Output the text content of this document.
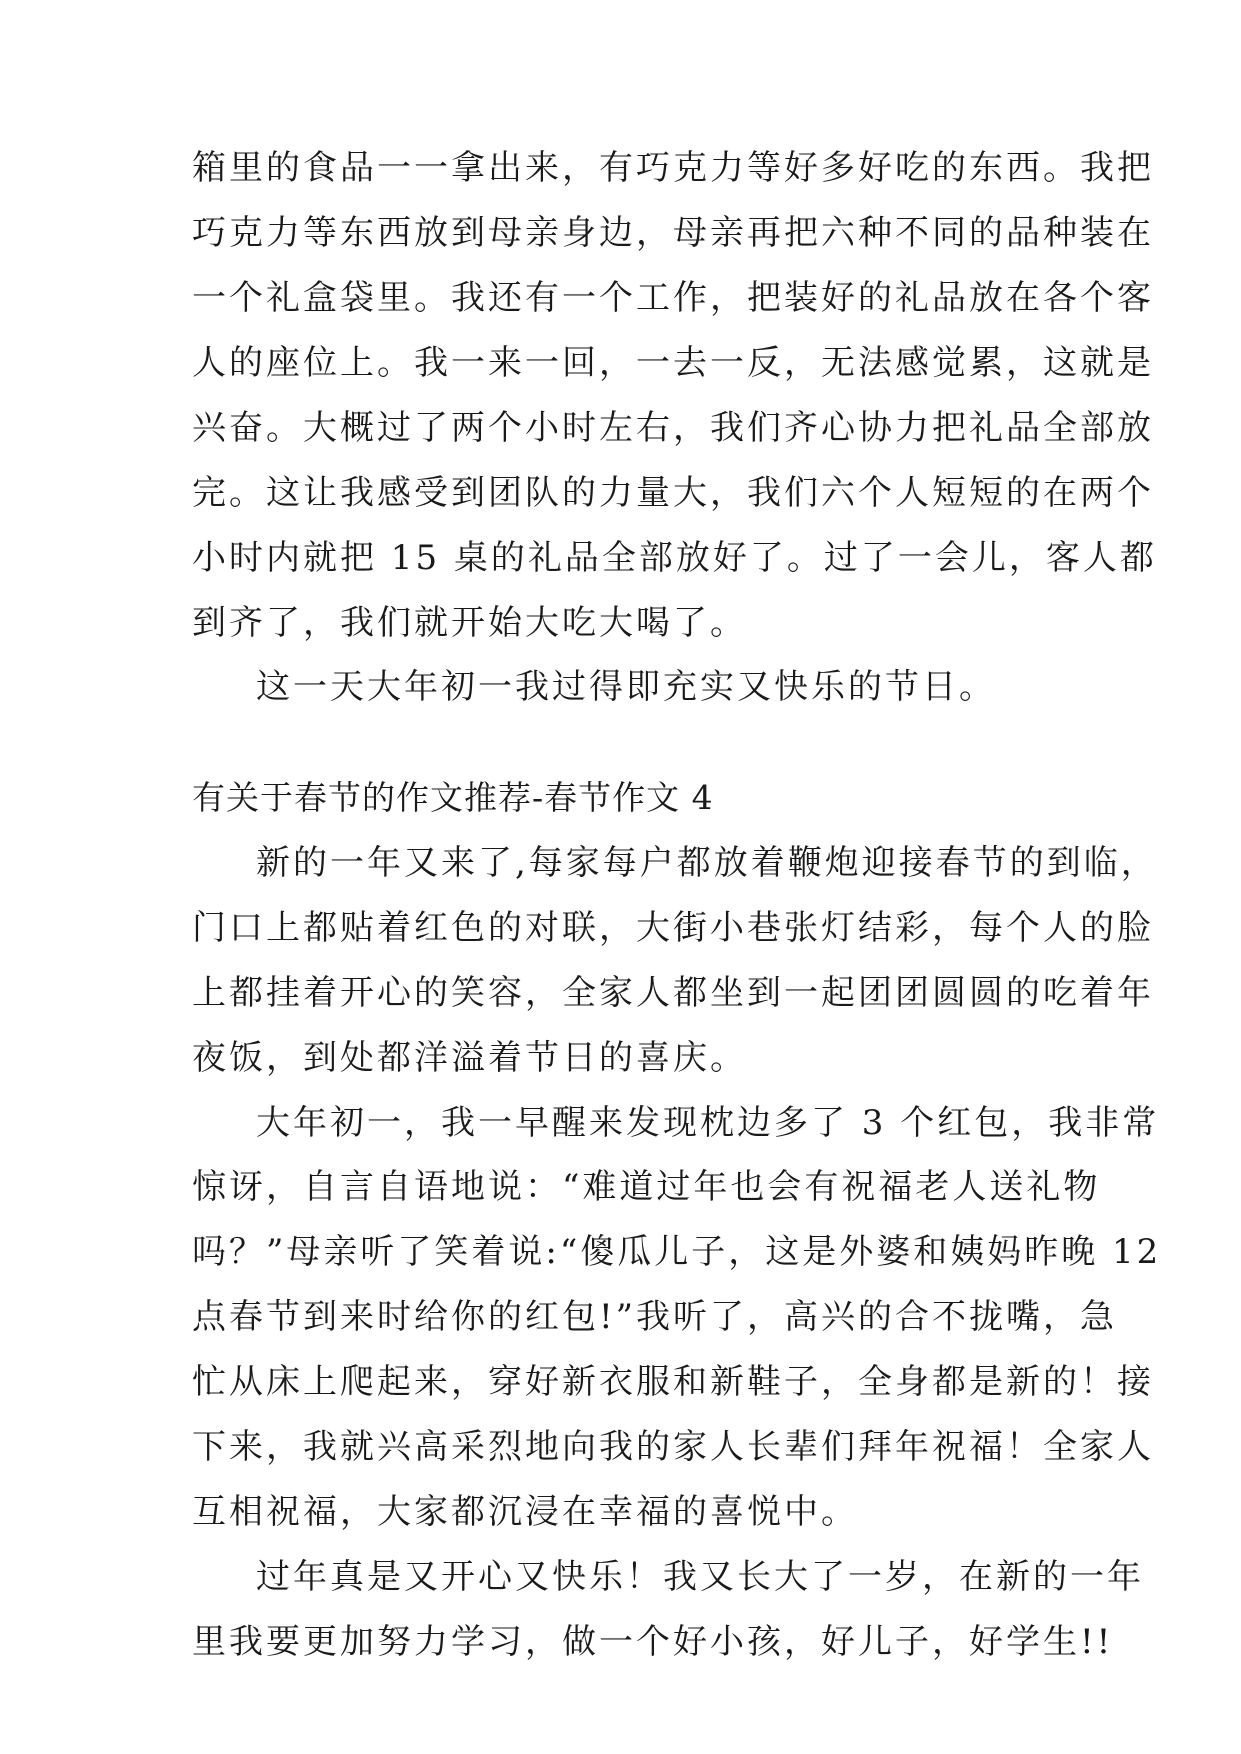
箱里的食品一一拿出来，有巧克力等好多好吃的东西。我把
巧克力等东西放到母亲身边，母亲再把六种不同的品种装在
一个礼盒袋里。我还有一个工作，把装好的礼品放在各个客
人的座位上。我一来一回，一去一反，无法感觉累，这就是
兴奋。大概过了两个小时左右，我们齐心协力把礼品全部放
完。这让我感受到团队的力量大，我们六个人短短的在两个
小时内就把 15 桌的礼品全部放好了。过了一会儿，客人都
到齐了，我们就开始大吃大喝了。
这一天大年初一我过得即充实又快乐的节日。
有关于春节的作文推荐-春节作文 4
新的一年又来了,每家每户都放着鞭炮迎接春节的到临，
门口上都贴着红色的对联，大街小巷张灯结彩，每个人的脸
上都挂着开心的笑容，全家人都坐到一起团团圆圆的吃着年
夜饭，到处都洋溢着节日的喜庆。
大年初一，我一早醒来发现枕边多了 3 个红包，我非常
惊讶，自言自语地说：“难道过年也会有祝福老人送礼物
吗？”母亲听了笑着说:“傻瓜儿子，这是外婆和姨妈昨晚 12
点春节到来时给你的红包!”我听了，高兴的合不拢嘴，急
忙从床上爬起来，穿好新衣服和新鞋子，全身都是新的！接
下来，我就兴高采烈地向我的家人长辈们拜年祝福！全家人
互相祝福，大家都沉浸在幸福的喜悦中。
过年真是又开心又快乐！我又长大了一岁，在新的一年
里我要更加努力学习，做一个好小孩，好儿子，好学生!!
